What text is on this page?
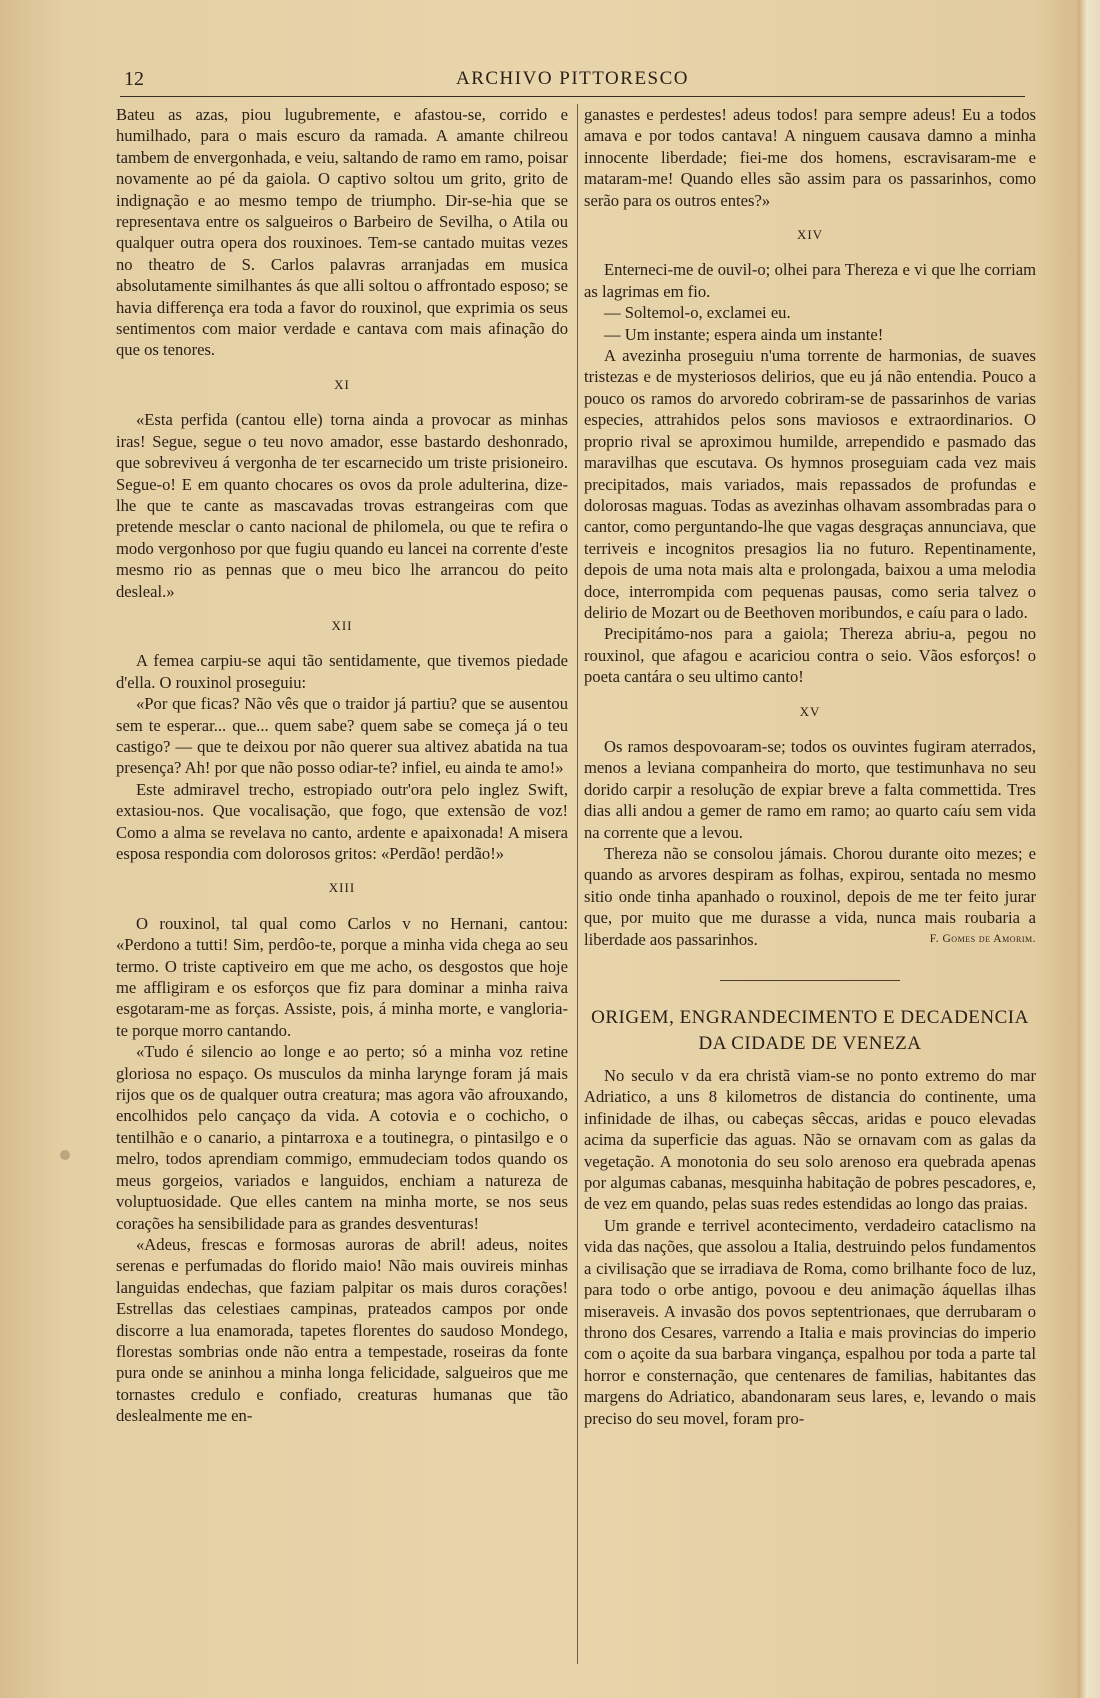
12	ARCHIVO PITTORESCO

Bateu as azas, piou lugubremente, e afastou-se, corrido e humilhado, para o mais escuro da ramada. A amante chilreou tambem de envergonhada, e veiu, saltando de ramo em ramo, poisar novamente ao pé da gaiola. O captivo soltou um grito, grito de indignação e ao mesmo tempo de triumpho. Dir-se-hia que se representava entre os salgueiros o Barbeiro de Sevilha, o Atila ou qualquer outra opera dos rouxinoes. Tem-se cantado muitas vezes no theatro de S. Carlos palavras arranjadas em musica absolutamente similhantes ás que alli soltou o affrontado esposo; se havia differença era toda a favor do rouxinol, que exprimia os seus sentimentos com maior verdade e cantava com mais afinação do que os tenores.

XI

«Esta perfida (cantou elle) torna ainda a provocar as minhas iras! Segue, segue o teu novo amador, esse bastardo deshonrado, que sobreviveu á vergonha de ter escarnecido um triste prisioneiro. Segue-o! E em quanto chocares os ovos da prole adulterina, dize-lhe que te cante as mascavadas trovas estrangeiras com que pretende mesclar o canto nacional de philomela, ou que te refira o modo vergonhoso por que fugiu quando eu lancei na corrente d'este mesmo rio as pennas que o meu bico lhe arrancou do peito desleal.»

XII

A femea carpiu-se aqui tão sentidamente, que tivemos piedade d'ella. O rouxinol proseguiu:

«Por que ficas? Não vês que o traidor já partiu? que se ausentou sem te esperar... que... quem sabe? quem sabe se começa já o teu castigo? — que te deixou por não querer sua altivez abatida na tua presença? Ah! por que não posso odiar-te? infiel, eu ainda te amo!»

Este admiravel trecho, estropiado outr'ora pelo inglez Swift, extasiou-nos. Que vocalisação, que fogo, que extensão de voz! Como a alma se revelava no canto, ardente e apaixonada! A misera esposa respondia com dolorosos gritos: «Perdão! perdão!»

XIII

O rouxinol, tal qual como Carlos v no Hernani, cantou: «Perdono a tutti! Sim, perdôo-te, porque a minha vida chega ao seu termo. O triste captiveiro em que me acho, os desgostos que hoje me affligiram e os esforços que fiz para dominar a minha raiva esgotaram-me as forças. Assiste, pois, á minha morte, e vangloria-te porque morro cantando.

«Tudo é silencio ao longe e ao perto; só a minha voz retine gloriosa no espaço. Os musculos da minha larynge foram já mais rijos que os de qualquer outra creatura; mas agora vão afrouxando, encolhidos pelo cançaço da vida. A cotovia e o cochicho, o tentilhão e o canario, a pintarroxa e a toutinegra, o pintasilgo e o melro, todos aprendiam commigo, emmudeciam todos quando os meus gorgeios, variados e languidos, enchiam a natureza de voluptuosidade. Que elles cantem na minha morte, se nos seus corações ha sensibilidade para as grandes desventuras!

«Adeus, frescas e formosas auroras de abril! adeus, noites serenas e perfumadas do florido maio! Não mais ouvireis minhas languidas endechas, que faziam palpitar os mais duros corações! Estrellas das celestiaes campinas, prateados campos por onde discorre a lua enamorada, tapetes florentes do saudoso Mondego, florestas sombrias onde não entra a tempestade, roseiras da fonte pura onde se aninhou a minha longa felicidade, salgueiros que me tornastes credulo e confiado, creaturas humanas que tão deslealmente me en-

ganastes e perdestes! adeus todos! para sempre adeus! Eu a todos amava e por todos cantava! A ninguem causava damno a minha innocente liberdade; fiei-me dos homens, escravisaram-me e mataram-me! Quando elles são assim para os passarinhos, como serão para os outros entes?»

XIV

Enterneci-me de ouvil-o; olhei para Thereza e vi que lhe corriam as lagrimas em fio.

— Soltemol-o, exclamei eu.

— Um instante; espera ainda um instante!

A avezinha proseguiu n'uma torrente de harmonias, de suaves tristezas e de mysteriosos delirios, que eu já não entendia. Pouco a pouco os ramos do arvoredo cobriram-se de passarinhos de varias especies, attrahidos pelos sons maviosos e extraordinarios. O proprio rival se aproximou humilde, arrependido e pasmado das maravilhas que escutava. Os hymnos proseguiam cada vez mais precipitados, mais variados, mais repassados de profundas e dolorosas maguas. Todas as avezinhas olhavam assombradas para o cantor, como perguntando-lhe que vagas desgraças annunciava, que terriveis e incognitos presagios lia no futuro. Repentinamente, depois de uma nota mais alta e prolongada, baixou a uma melodia doce, interrompida com pequenas pausas, como seria talvez o delirio de Mozart ou de Beethoven moribundos, e caíu para o lado.

Precipitámo-nos para a gaiola; Thereza abriu-a, pegou no rouxinol, que afagou e acariciou contra o seio. Vãos esforços! o poeta cantára o seu ultimo canto!

XV

Os ramos despovoaram-se; todos os ouvintes fugiram aterrados, menos a leviana companheira do morto, que testimunhava no seu dorido carpir a resolução de expiar breve a falta commettida. Tres dias alli andou a gemer de ramo em ramo; ao quarto caíu sem vida na corrente que a levou.

Thereza não se consolou jámais. Chorou durante oito mezes; e quando as arvores despiram as folhas, expirou, sentada no mesmo sitio onde tinha apanhado o rouxinol, depois de me ter feito jurar que, por muito que me durasse a vida, nunca mais roubaria a liberdade aos passarinhos.	F. Gomes de Amorim.

ORIGEM, ENGRANDECIMENTO E DECADENCIA
DA CIDADE DE VENEZA

No seculo v da era christã viam-se no ponto extremo do mar Adriatico, a uns 8 kilometros de distancia do continente, uma infinidade de ilhas, ou cabeças sêccas, aridas e pouco elevadas acima da superficie das aguas. Não se ornavam com as galas da vegetação. A monotonia do seu solo arenoso era quebrada apenas por algumas cabanas, mesquinha habitação de pobres pescadores, e, de vez em quando, pelas suas redes estendidas ao longo das praias.

Um grande e terrivel acontecimento, verdadeiro cataclismo na vida das nações, que assolou a Italia, destruindo pelos fundamentos a civilisação que se irradiava de Roma, como brilhante foco de luz, para todo o orbe antigo, povoou e deu animação áquellas ilhas miseraveis. A invasão dos povos septentrionaes, que derrubaram o throno dos Cesares, varrendo a Italia e mais provincias do imperio com o açoite da sua barbara vingança, espalhou por toda a parte tal horror e consternação, que centenares de familias, habitantes das margens do Adriatico, abandonaram seus lares, e, levando o mais preciso do seu movel, foram pro-
